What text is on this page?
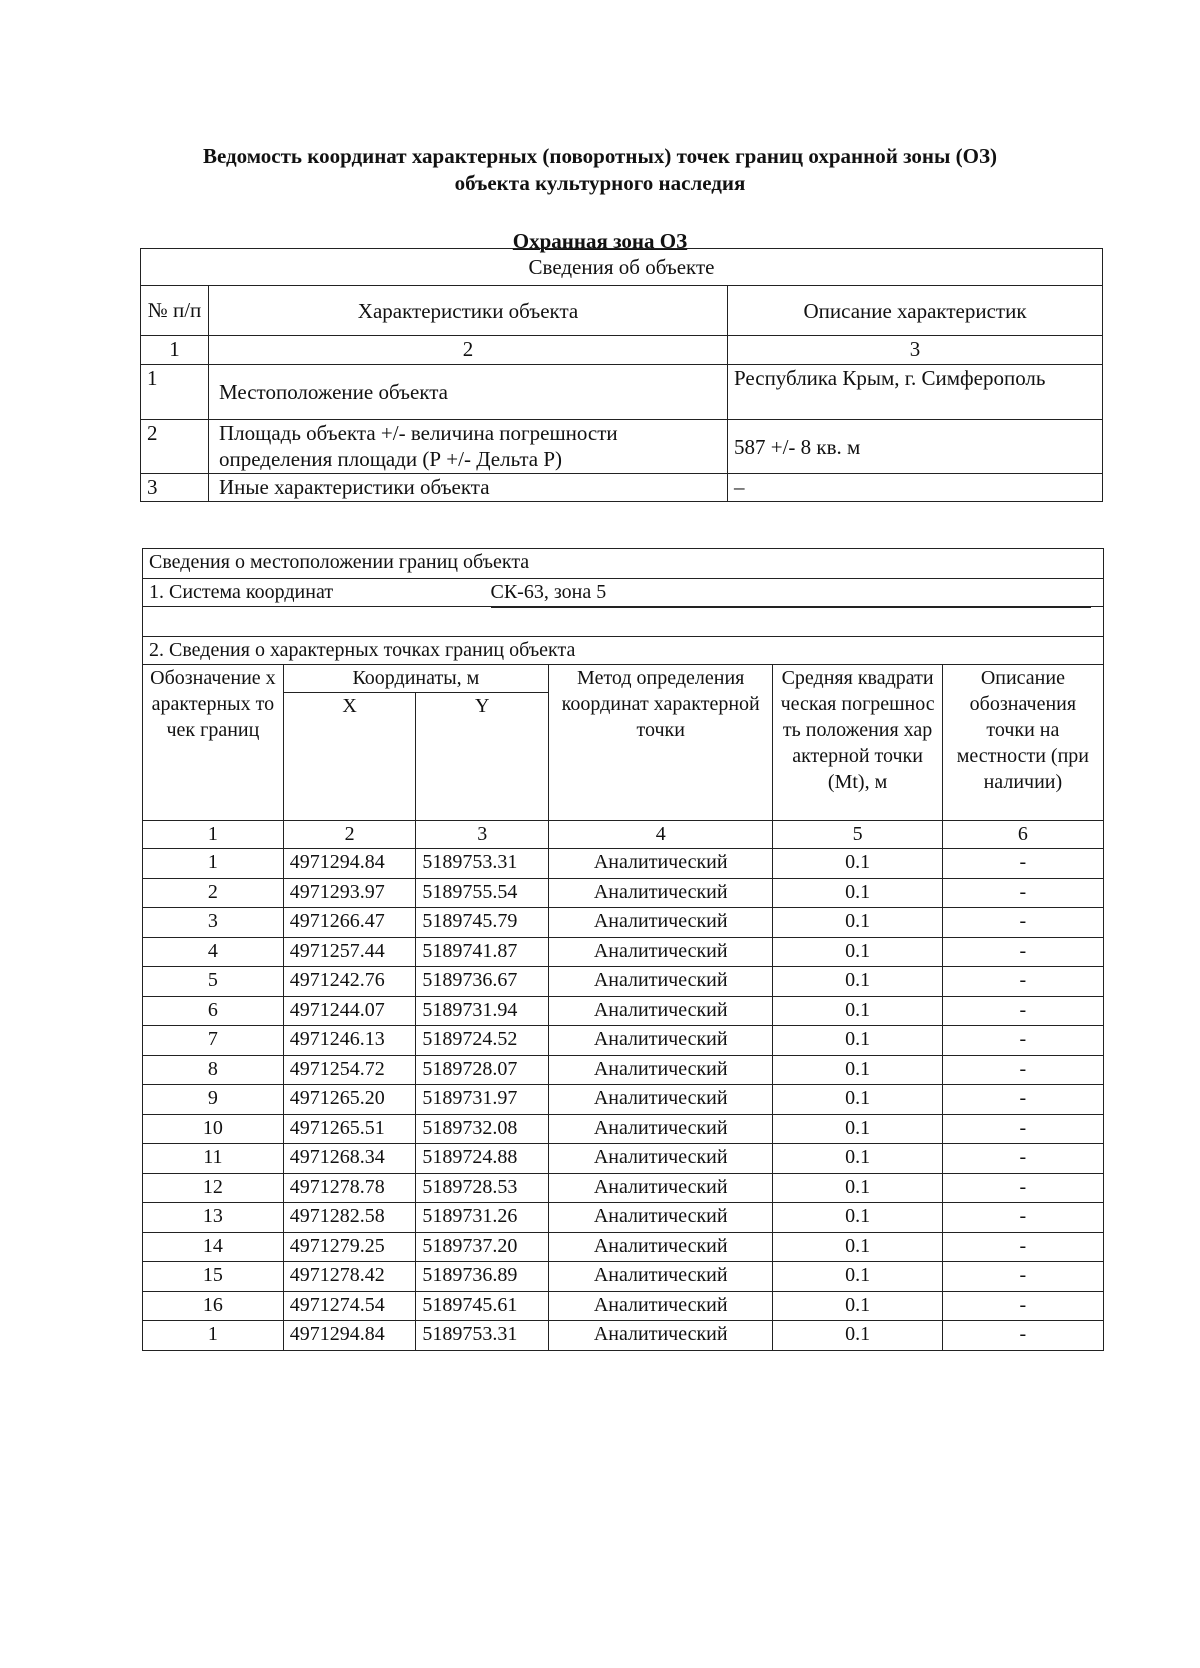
Ведомость координат характерных (поворотных) точек границ охранной зоны (ОЗ)
объекта культурного наследия
Охранная зона ОЗ
Сведения об объекте		
№ п/п	Характеристики объекта	Описание характеристик
1	2	3
1	Местоположение объекта	Республика Крым, г. Симферополь
2	Площадь объекта +/- величина погрешности определения площади (Р +/- Дельта Р)	587 +/- 8 кв. м
3	Иные характеристики объекта	–
Сведения о местоположении границ объекта					
1. Система координат СК-63, зона 5					

2. Сведения о характерных точках границ объекта					
Обозначение характерных точек границ	Координаты, м		Метод определения координат характерной точки	Средняя квадратическая погрешность положения характерной точки (Mt), м	Описание обозначения точки на местности (при наличии)
	X	Y			
1	2	3	4	5	6
1	4971294.84	5189753.31	Аналитический	0.1	-
2	4971293.97	5189755.54	Аналитический	0.1	-
3	4971266.47	5189745.79	Аналитический	0.1	-
4	4971257.44	5189741.87	Аналитический	0.1	-
5	4971242.76	5189736.67	Аналитический	0.1	-
6	4971244.07	5189731.94	Аналитический	0.1	-
7	4971246.13	5189724.52	Аналитический	0.1	-
8	4971254.72	5189728.07	Аналитический	0.1	-
9	4971265.20	5189731.97	Аналитический	0.1	-
10	4971265.51	5189732.08	Аналитический	0.1	-
11	4971268.34	5189724.88	Аналитический	0.1	-
12	4971278.78	5189728.53	Аналитический	0.1	-
13	4971282.58	5189731.26	Аналитический	0.1	-
14	4971279.25	5189737.20	Аналитический	0.1	-
15	4971278.42	5189736.89	Аналитический	0.1	-
16	4971274.54	5189745.61	Аналитический	0.1	-
1	4971294.84	5189753.31	Аналитический	0.1	-
